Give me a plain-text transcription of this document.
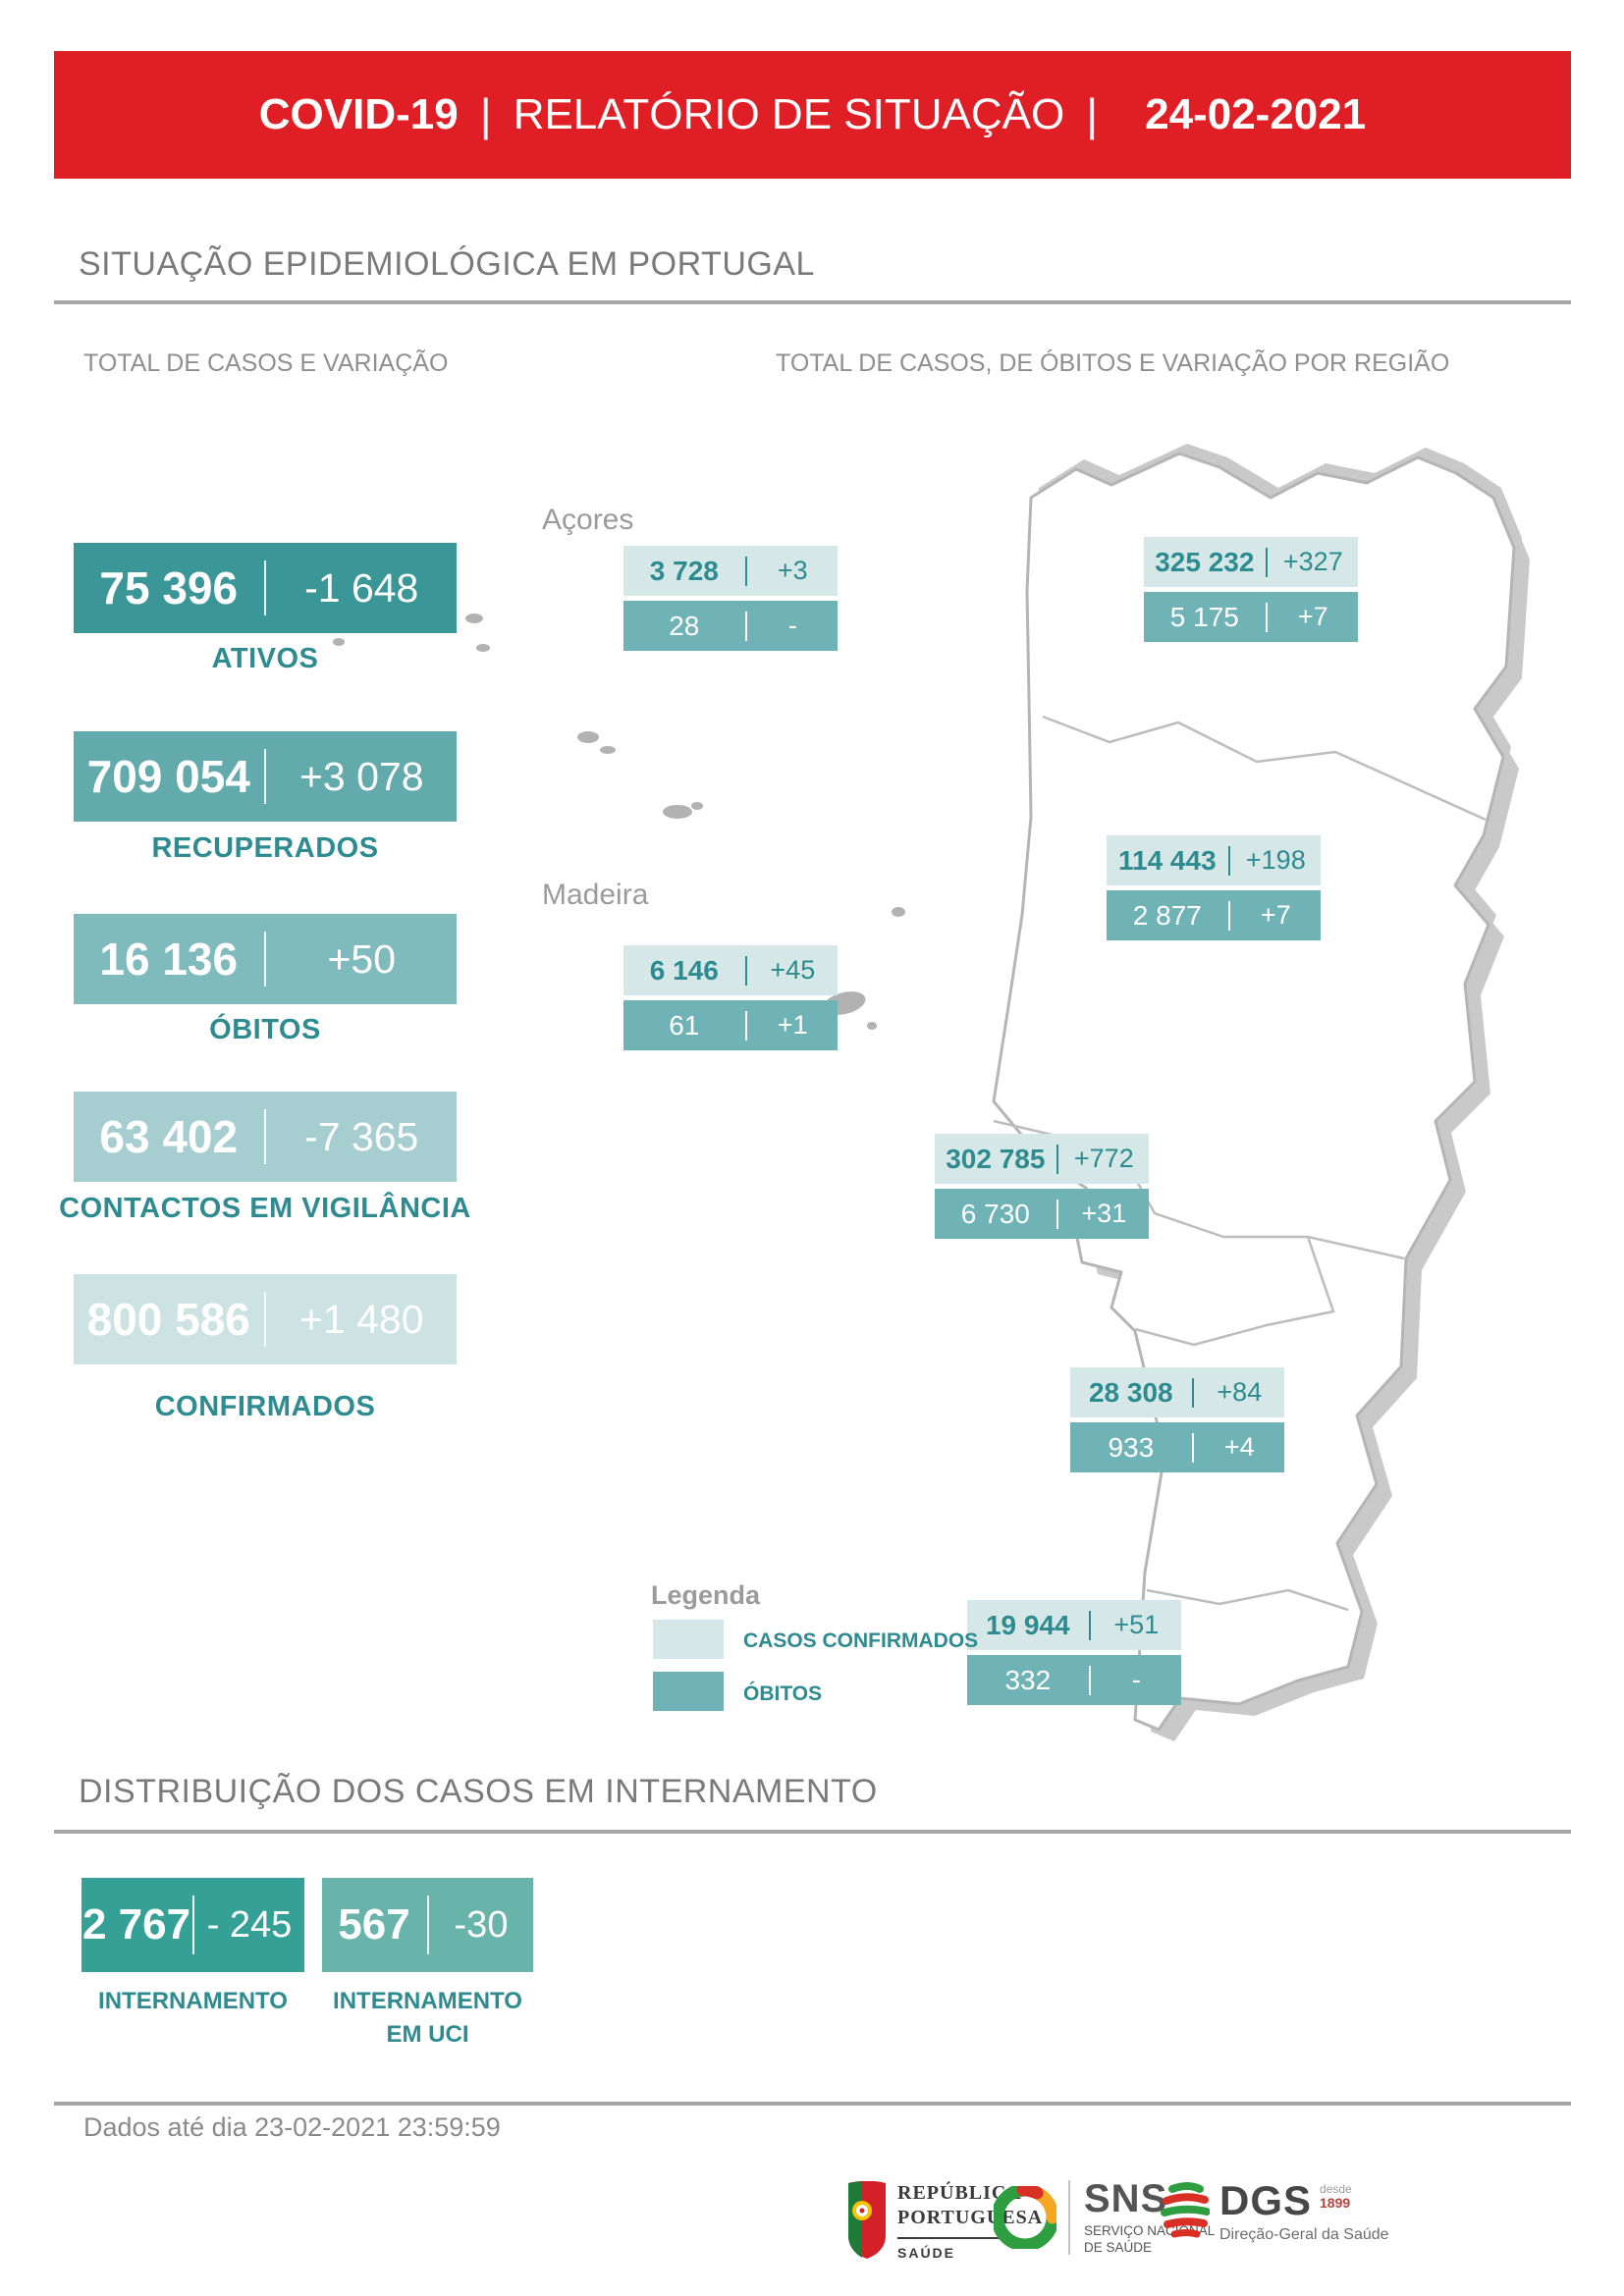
COVID-19 | RELATÓRIO DE SITUAÇÃO | 24-02-2021
SITUAÇÃO EPIDEMIOLÓGICA EM PORTUGAL
TOTAL DE CASOS E VARIAÇÃO	TOTAL DE CASOS, DE ÓBITOS E VARIAÇÃO POR REGIÃO
75 396	-1 648
ATIVOS
709 054	+3 078
RECUPERADOS
16 136	+50
ÓBITOS
63 402	-7 365
CONTACTOS EM VIGILÂNCIA
800 586	+1 480
CONFIRMADOS
Açores
Madeira
325 232	+327
5 175	+7
114 443	+198
2 877	+7
302 785	+772
6 730	+31
28 308	+84
933	+4
19 944	+51
332	-
3 728	+3
28	-
6 146	+45
61	+1
Legenda
CASOS CONFIRMADOS
ÓBITOS
DISTRIBUIÇÃO DOS CASOS EM INTERNAMENTO
2 767 - 245
INTERNAMENTO
567	-30
INTERNAMENTO
EM UCI
Dados até dia 23-02-2021 23:59:59
REPÚBLICA
PORTUGUESA
SAÚDE
SNS
SERVIÇO NACIONAL
DE SAÚDE
DGS desde
1899
Direção-Geral da Saúde
